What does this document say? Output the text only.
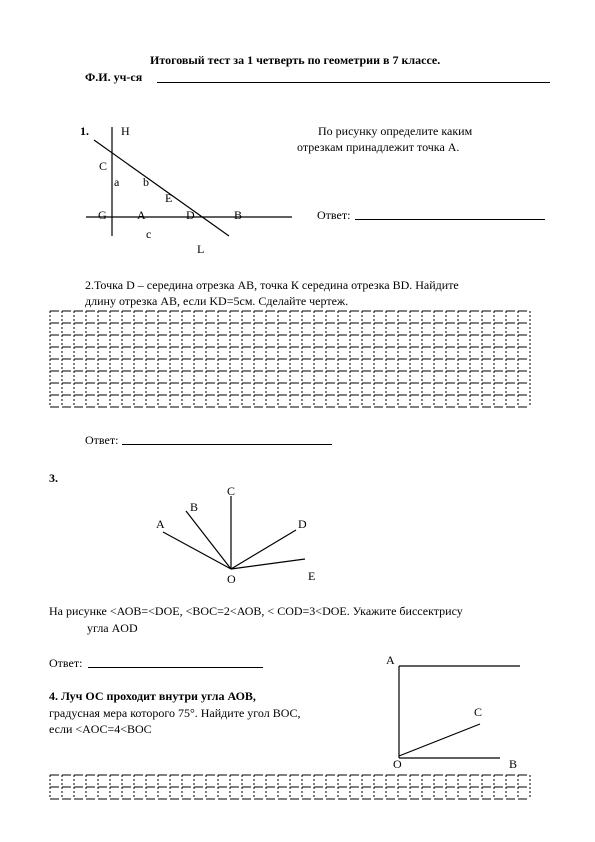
Итоговый тест за 1 четверть по геометрии в 7 классе.
Ф.И. уч-ся
1.	По рисунку определите каким
отрезкам принадлежит точка А.
Ответ:
H
C
a b
E
G	A	D	B
c
L
2.Точка D – середина отрезка АВ, точка К середина отрезка BD. Найдите
длину отрезка АВ, если KD=5см. Сделайте чертеж.
Ответ:
3.
A
B
C
D
E
O
На рисунке <АОВ=<DOE, <ВОС=2<АОВ, < COD=3<DOE. Укажите биссектрису
угла AOD
Ответ:
4. Луч ОС проходит внутри угла АОВ,
градусная мера которого 75°. Найдите угол ВОС,
если <AOC=4<BOC
A
C
O	B
